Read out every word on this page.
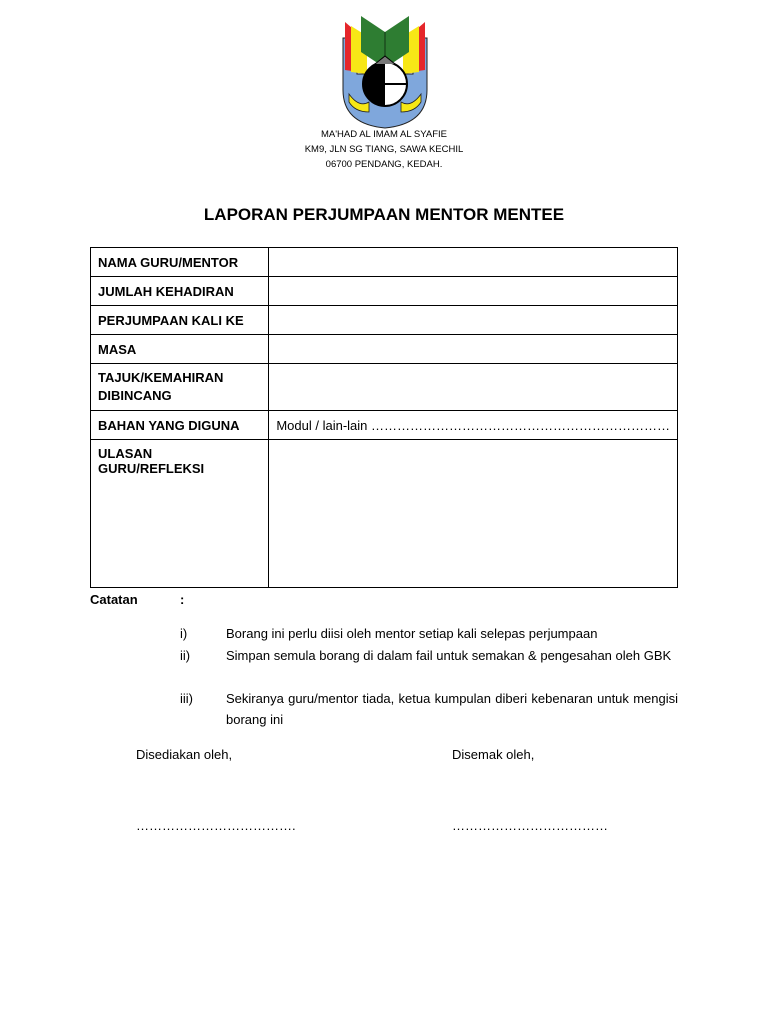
MA'HAD AL IMAM AL SYAFIE
KM9, JLN SG TIANG, SAWA KECHIL
06700 PENDANG, KEDAH.
LAPORAN PERJUMPAAN MENTOR MENTEE
NAMA GURU/MENTOR	
JUMLAH KEHADIRAN	
PERJUMPAAN KALI KE	
MASA	
TAJUK/KEMAHIRAN DIBINCANG	
BAHAN YANG DIGUNA	Modul / lain-lain ……………………………………………………………
ULASAN GURU/REFLEKSI	
Catatan	:
i)	Borang ini perlu diisi oleh mentor setiap kali selepas perjumpaan
ii)	Simpan semula borang di dalam fail untuk semakan & pengesahan oleh GBK
iii)	Sekiranya guru/mentor tiada, ketua kumpulan diberi kebenaran untuk mengisi borang ini
Disediakan oleh,	Disemak oleh,
……………………………….	………………………………
